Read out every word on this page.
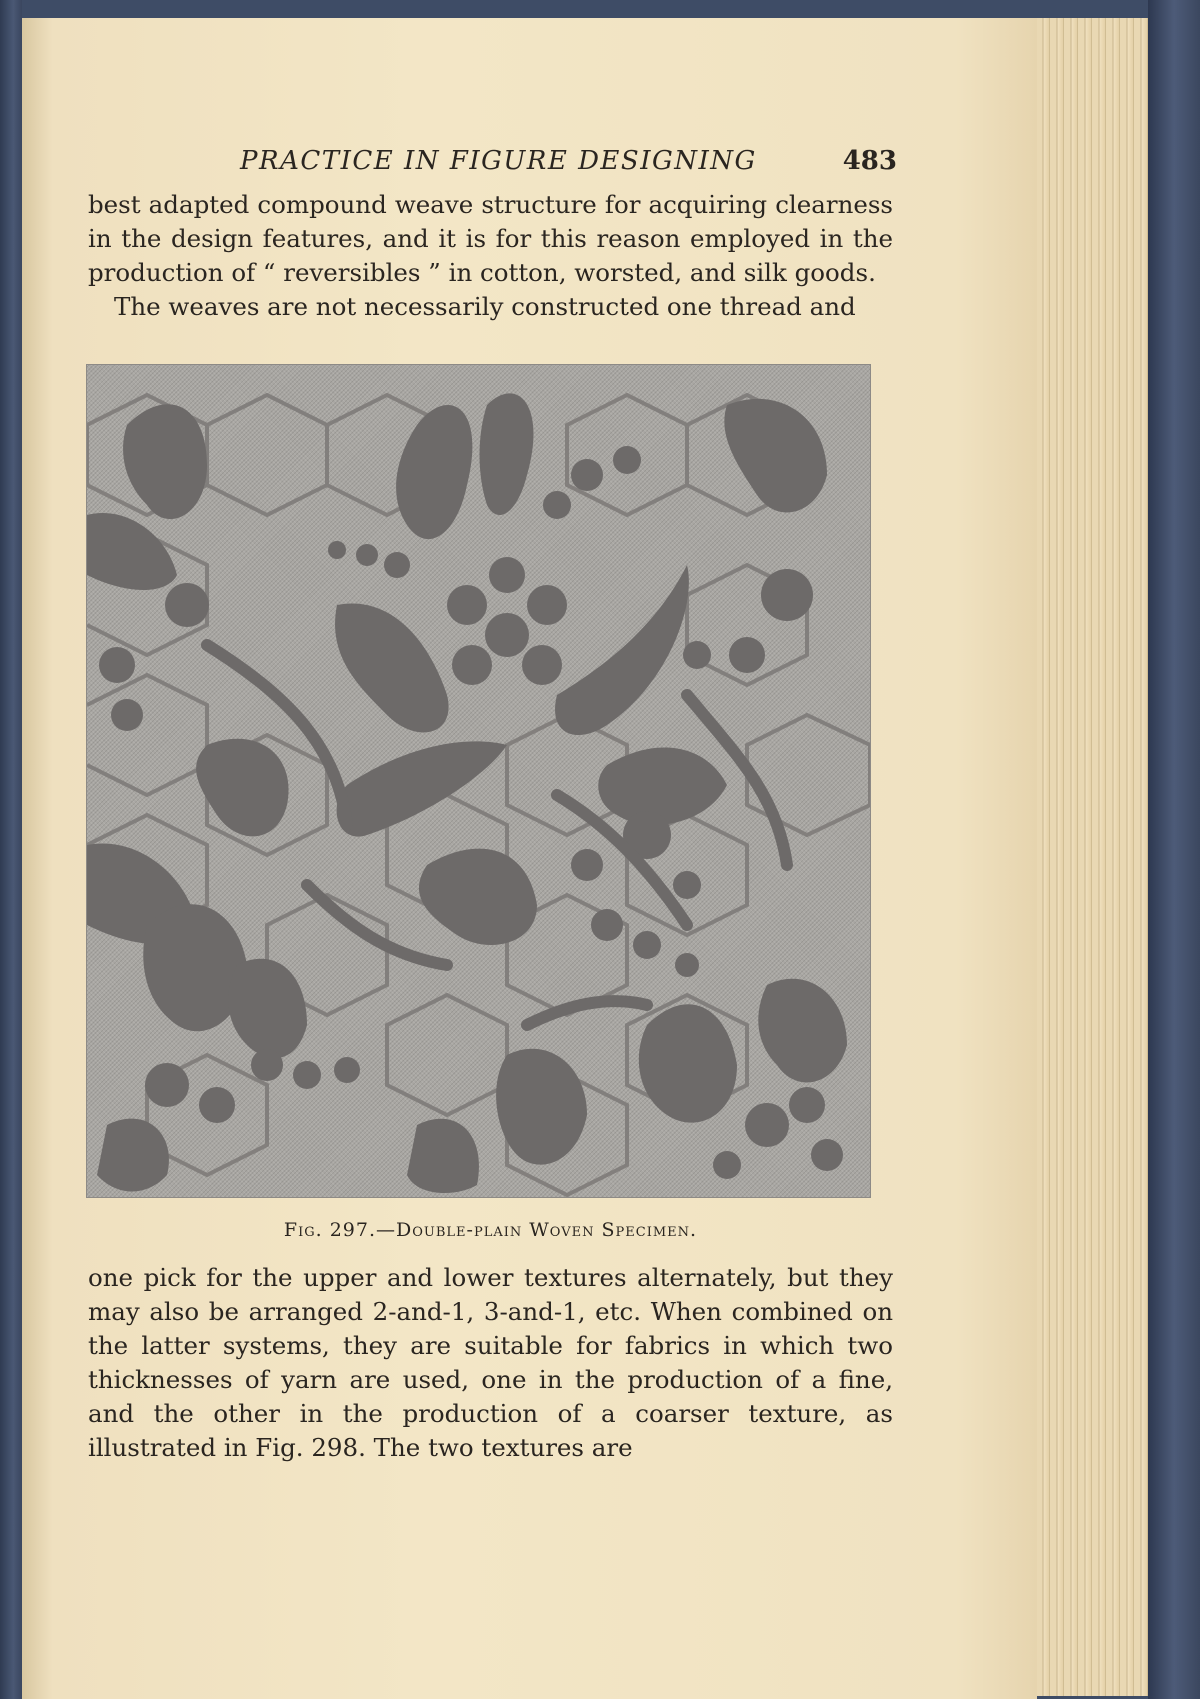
PRACTICE IN FIGURE DESIGNING	483

best adapted compound weave structure for acquiring clearness in the design features, and it is for this reason employed in the production of “ reversibles ” in cotton, worsted, and silk goods.

The weaves are not necessarily constructed one thread and

Fig. 297.—Double-plain Woven Specimen.

one pick for the upper and lower textures alternately, but they may also be arranged 2-and-1, 3-and-1, etc. When combined on the latter systems, they are suitable for fabrics in which two thicknesses of yarn are used, one in the production of a fine, and the other in the production of a coarser texture, as illustrated in Fig. 298. The two textures are
